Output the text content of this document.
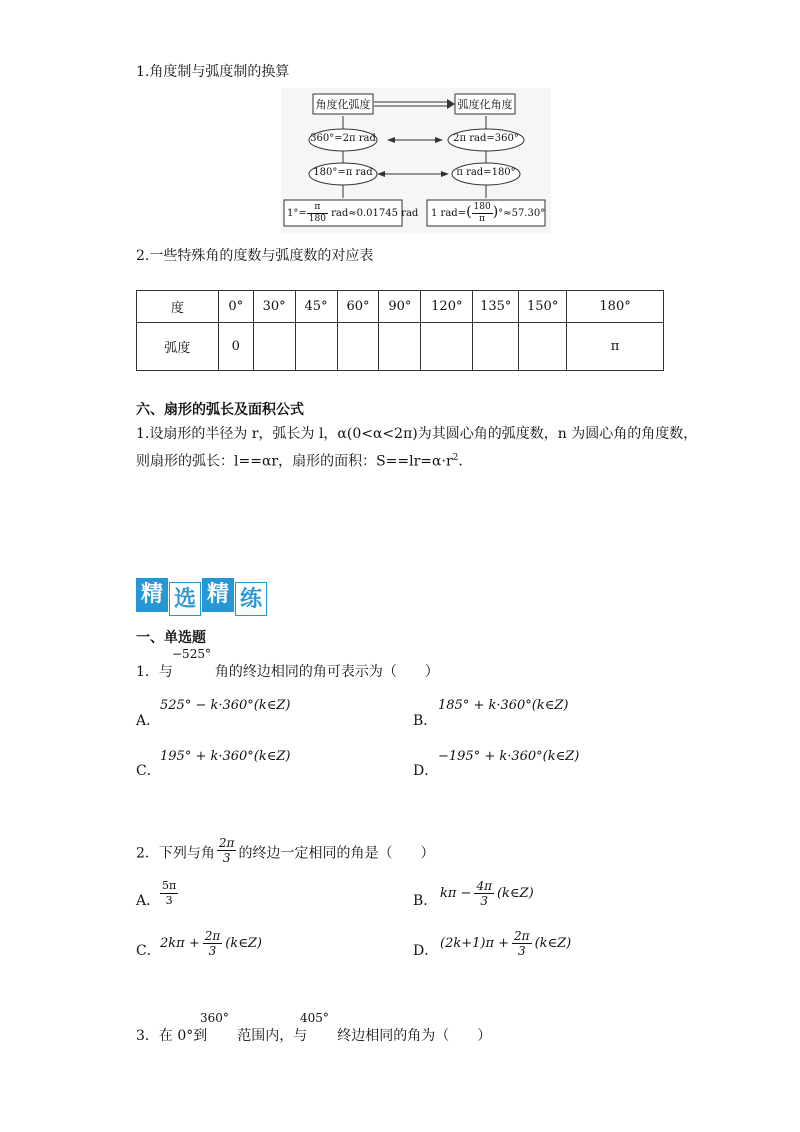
1.角度制与弧度制的换算
角度化弧度	弧度化角度
360°=2π rad	2π rad=360°
180°=π rad	π rad=180°
$1^\circ= \frac{\pi}{180} rad\approx 0.01745$ rad 1 $rad=( \frac{180}{\pi} )^\circ\approx 57.30^\circ$
2.一些特殊角的度数与弧度数的对应表
度	0°	30°	45°	60°	90°	120°	135°	150°	180°
弧度	0								π
六、扇形的弧长及面积公式
1.设扇形的半径为 r，弧长为 l，α(0<α<2π)为其圆心角的弧度数，n 为圆心角的角度数，
则扇形的弧长：l==αr，扇形的面积：$S==lr=\alpha\cdot r^2$.
精 选 精 练
一、单选题
1．与	角的终边相同的角可表示为（　　）
−525°
A．
525° − k·360°(k∈Z)
B．
185° + k·360°(k∈Z)
C．
195° + k·360°(k∈Z)
D．
−195° + k·360°(k∈Z)
2．下列与角 $\frac{2\pi}{3}$ 的终边一定相同的角是（　　）
A． $\frac{5\pi}{3}$	B． $k\pi - \frac{4\pi}{3}$ (k∈Z)
C． $2k\pi + \frac{2\pi}{3}$ (k∈Z)	D． $(2k+1)\pi + \frac{2\pi}{3}$ (k∈Z)
3．在 0°到 范围内，与 终边相同的角为（　　）
360°	405°
